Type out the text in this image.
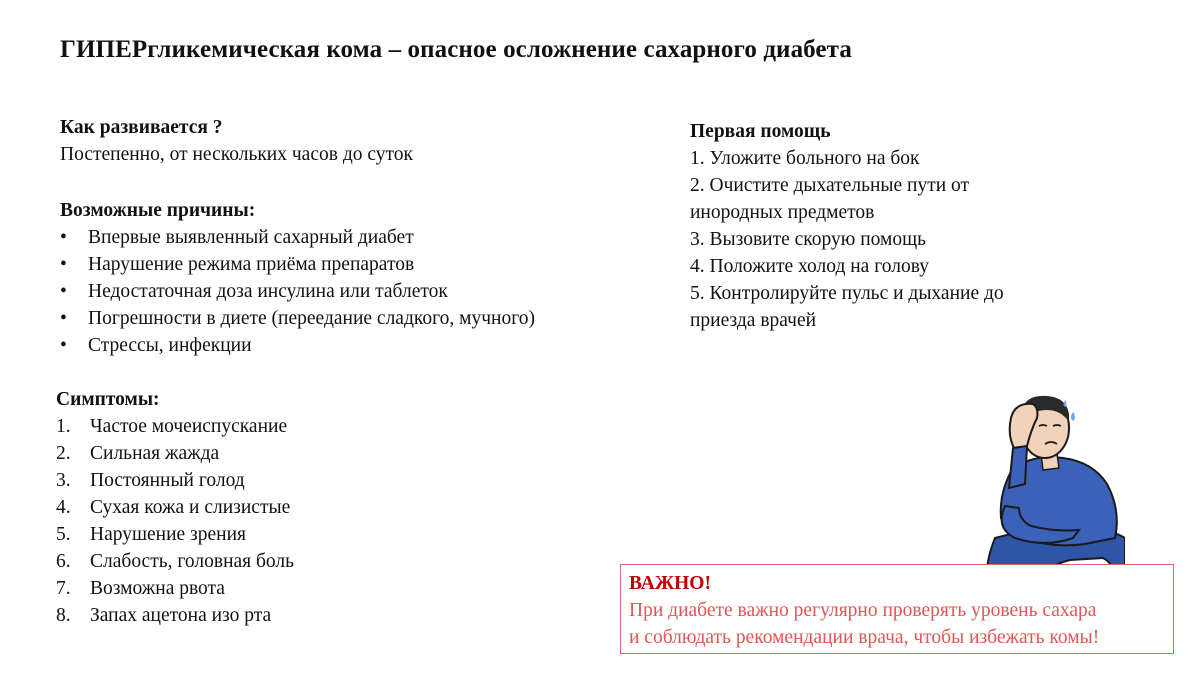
ГИПЕРгликемическая кома – опасное осложнение сахарного диабета
Как развивается ?

Постепенно, от нескольких часов до суток

Возможные причины:
• Впервые выявленный сахарный диабет
• Нарушение режима приёма препаратов
• Недостаточная доза инсулина или таблеток
• Погрешности в диете (переедание сладкого, мучного)
• Стрессы, инфекции
Симптомы:
1. Частое мочеиспускание
2. Сильная жажда
3. Постоянный голод
4. Сухая кожа и слизистые
5. Нарушение зрения
6. Слабость, головная боль
7. Возможна рвота
8. Запах ацетона изо рта
Первая помощь
1. Уложите больного на бок
2. Очистите дыхательные пути от
инородных предметов
3. Вызовите скорую помощь
4. Положите холод на голову
5. Контролируйте пульс и дыхание до
приезда врачей
ВАЖНО!
При диабете важно регулярно проверять уровень сахара
и соблюдать рекомендации врача, чтобы избежать комы!
